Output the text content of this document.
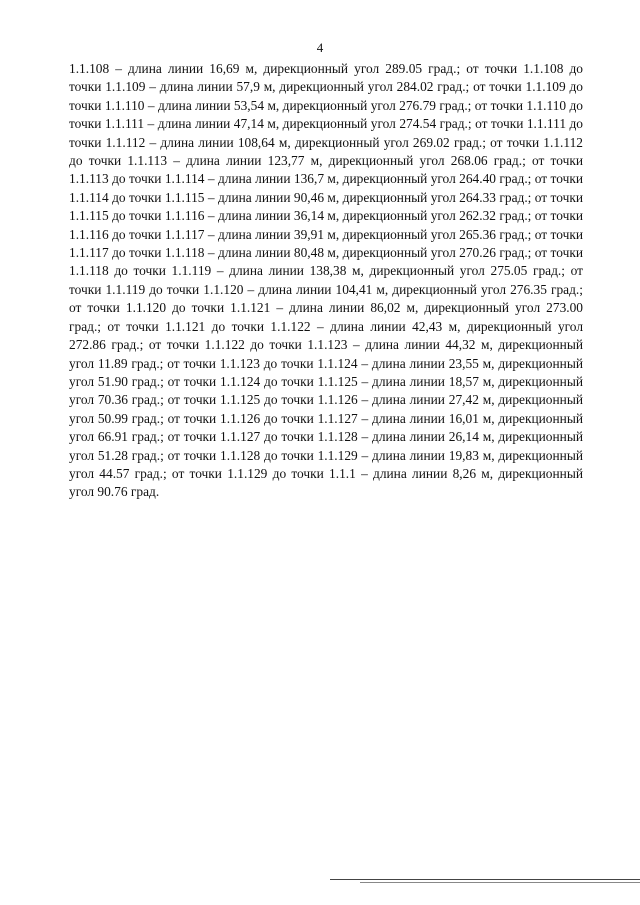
4

1.1.108 – длина линии 16,69 м, дирекционный угол 289.05 град.; от точки 1.1.108 до точки 1.1.109 – длина линии 57,9 м, дирекционный угол 284.02 град.; от точки 1.1.109 до точки 1.1.110 – длина линии 53,54 м, дирекционный угол 276.79 град.; от точки 1.1.110 до точки 1.1.111 – длина линии 47,14 м, дирекционный угол 274.54 град.; от точки 1.1.111 до точки 1.1.112 – длина линии 108,64 м, дирекционный угол 269.02 град.; от точки 1.1.112 до точки 1.1.113 – длина линии 123,77 м, дирекционный угол 268.06 град.; от точки 1.1.113 до точки 1.1.114 – длина линии 136,7 м, дирекционный угол 264.40 град.; от точки 1.1.114 до точки 1.1.115 – длина линии 90,46 м, дирекционный угол 264.33 град.; от точки 1.1.115 до точки 1.1.116 – длина линии 36,14 м, дирекционный угол 262.32 град.; от точки 1.1.116 до точки 1.1.117 – длина линии 39,91 м, дирекционный угол 265.36 град.; от точки 1.1.117 до точки 1.1.118 – длина линии 80,48 м, дирекционный угол 270.26 град.; от точки 1.1.118 до точки 1.1.119 – длина линии 138,38 м, дирекционный угол 275.05 град.; от точки 1.1.119 до точки 1.1.120 – длина линии 104,41 м, дирекционный угол 276.35 град.; от точки 1.1.120 до точки 1.1.121 – длина линии 86,02 м, дирекционный угол 273.00 град.; от точки 1.1.121 до точки 1.1.122 – длина линии 42,43 м, дирекционный угол 272.86 град.; от точки 1.1.122 до точки 1.1.123 – длина линии 44,32 м, дирекционный угол 11.89 град.; от точки 1.1.123 до точки 1.1.124 – длина линии 23,55 м, дирекционный угол 51.90 град.; от точки 1.1.124 до точки 1.1.125 – длина линии 18,57 м, дирекционный угол 70.36 град.; от точки 1.1.125 до точки 1.1.126 – длина линии 27,42 м, дирекционный угол 50.99 град.; от точки 1.1.126 до точки 1.1.127 – длина линии 16,01 м, дирекционный угол 66.91 град.; от точки 1.1.127 до точки 1.1.128 – длина линии 26,14 м, дирекционный угол 51.28 град.; от точки 1.1.128 до точки 1.1.129 – длина линии 19,83 м, дирекционный угол 44.57 град.; от точки 1.1.129 до точки 1.1.1 – длина линии 8,26 м, дирекционный угол 90.76 град.
